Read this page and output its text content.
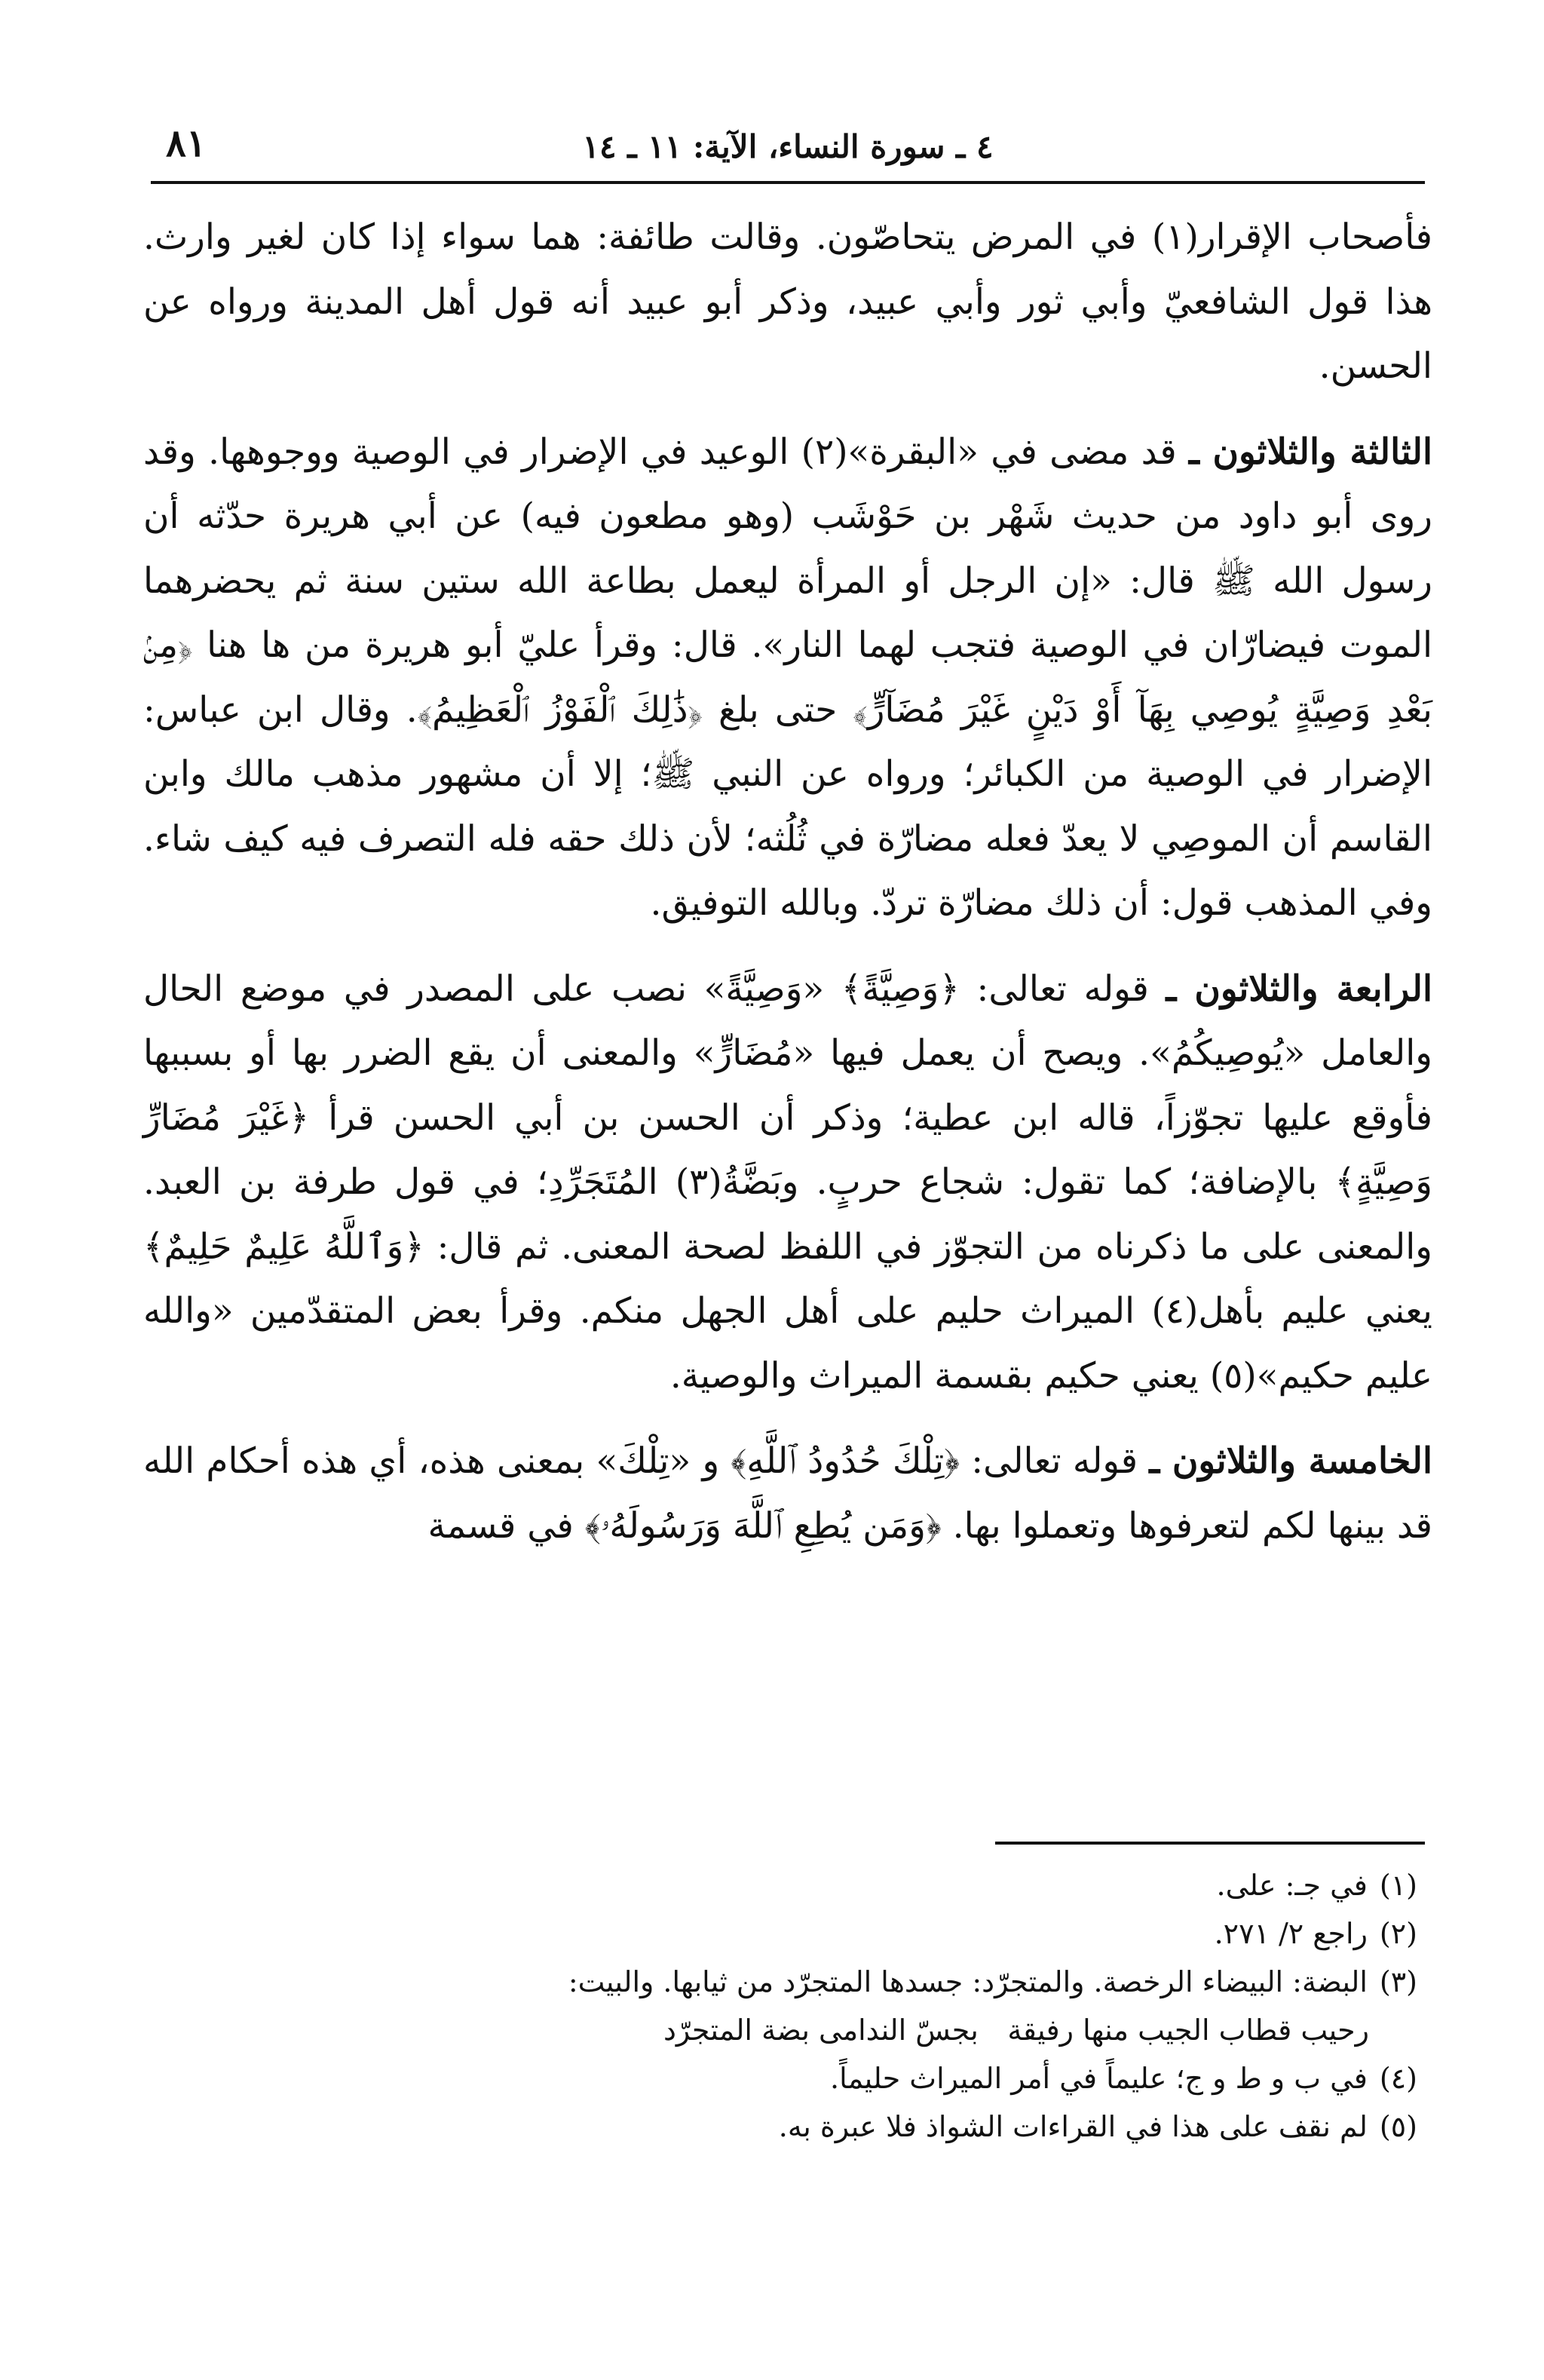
٨١	٤ ـ سورة النساء، الآية: ١١ ـ ١٤

فأصحاب الإقرار(١) في المرض يتحاصّون. وقالت طائفة: هما سواء إذا كان لغير وارث. هذا قول الشافعيّ وأبي ثور وأبي عبيد، وذكر أبو عبيد أنه قول أهل المدينة ورواه عن الحسن.

الثالثة والثلاثون ـ قد مضى في «البقرة»(٢) الوعيد في الإضرار في الوصية ووجوهها. وقد روى أبو داود من حديث شَهْر بن حَوْشَب (وهو مطعون فيه) عن أبي هريرة حدّثه أن رسول الله ﷺ قال: «إن الرجل أو المرأة ليعمل بطاعة الله ستين سنة ثم يحضرهما الموت فيضارّان في الوصية فتجب لهما النار». قال: وقرأ عليّ أبو هريرة من ها هنا ﴿مِنۢ بَعْدِ وَصِيَّةٍ يُوصِي بِهَآ أَوْ دَيْنٍ غَيْرَ مُضَآرٍّ﴾ حتى بلغ ﴿ذَٰلِكَ ٱلْفَوْزُ ٱلْعَظِيمُ﴾. وقال ابن عباس: الإضرار في الوصية من الكبائر؛ ورواه عن النبي ﷺ؛ إلا أن مشهور مذهب مالك وابن القاسم أن الموصِي لا يعدّ فعله مضارّة في ثُلُثه؛ لأن ذلك حقه فله التصرف فيه كيف شاء. وفي المذهب قول: أن ذلك مضارّة تردّ. وبالله التوفيق.

الرابعة والثلاثون ـ قوله تعالى: ﴿وَصِيَّةً﴾ «وَصِيَّةً» نصب على المصدر في موضع الحال والعامل «يُوصِيكُمُ». ويصح أن يعمل فيها «مُضَارٍّ» والمعنى أن يقع الضرر بها أو بسببها فأوقع عليها تجوّزاً، قاله ابن عطية؛ وذكر أن الحسن بن أبي الحسن قرأ ﴿غَيْرَ مُضَارِّ وَصِيَّةٍ﴾ بالإضافة؛ كما تقول: شجاع حربٍ. وبَضَّةُ(٣) المُتَجَرِّدِ؛ في قول طرفة بن العبد. والمعنى على ما ذكرناه من التجوّز في اللفظ لصحة المعنى. ثم قال: ﴿وَٱللَّهُ عَلِيمٌ حَلِيمٌ﴾ يعني عليم بأهل(٤) الميراث حليم على أهل الجهل منكم. وقرأ بعض المتقدّمين «والله عليم حكيم»(٥) يعني حكيم بقسمة الميراث والوصية.

الخامسة والثلاثون ـ قوله تعالى: ﴿تِلْكَ حُدُودُ ٱللَّهِ﴾ و «تِلْكَ» بمعنى هذه، أي هذه أحكام الله قد بينها لكم لتعرفوها وتعملوا بها. ﴿وَمَن يُطِعِ ٱللَّهَ وَرَسُولَهُۥ﴾ في قسمة

(١)في جـ: على.
(٢)راجع ٢/ ٢٧١.
(٣)البضة: البيضاء الرخصة. والمتجرّد: جسدها المتجرّد من ثيابها. والبيت:
رحيب قطاب الجيب منها رفيقة
بجسّ الندامى بضة المتجرّد
(٤)في ب و ط و ج؛ عليماً في أمر الميراث حليماً.
(٥)لم نقف على هذا في القراءات الشواذ فلا عبرة به.
